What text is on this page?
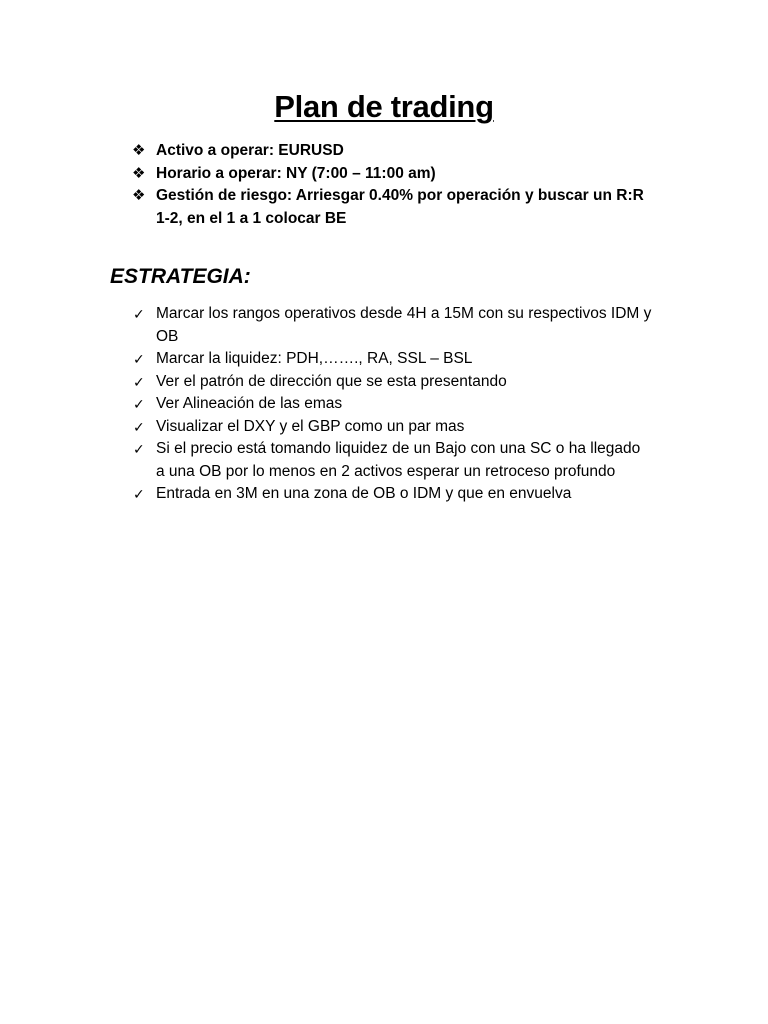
Plan de trading
❖ Activo a operar: EURUSD
❖ Horario a operar: NY (7:00 – 11:00 am)
❖ Gestión de riesgo: Arriesgar 0.40% por operación y buscar un R:R 1-2, en el 1 a 1 colocar BE
ESTRATEGIA:
✓ Marcar los rangos operativos desde 4H a 15M con su respectivos IDM y OB
✓ Marcar la liquidez: PDH,……., RA, SSL – BSL
✓ Ver el patrón de dirección que se esta presentando
✓ Ver Alineación de las emas
✓ Visualizar el DXY y el GBP como un par mas
✓ Si el precio está tomando liquidez de un Bajo con una SC o ha llegado a una OB por lo menos en 2 activos esperar un retroceso profundo
✓ Entrada en 3M en una zona de OB o IDM y que en envuelva
